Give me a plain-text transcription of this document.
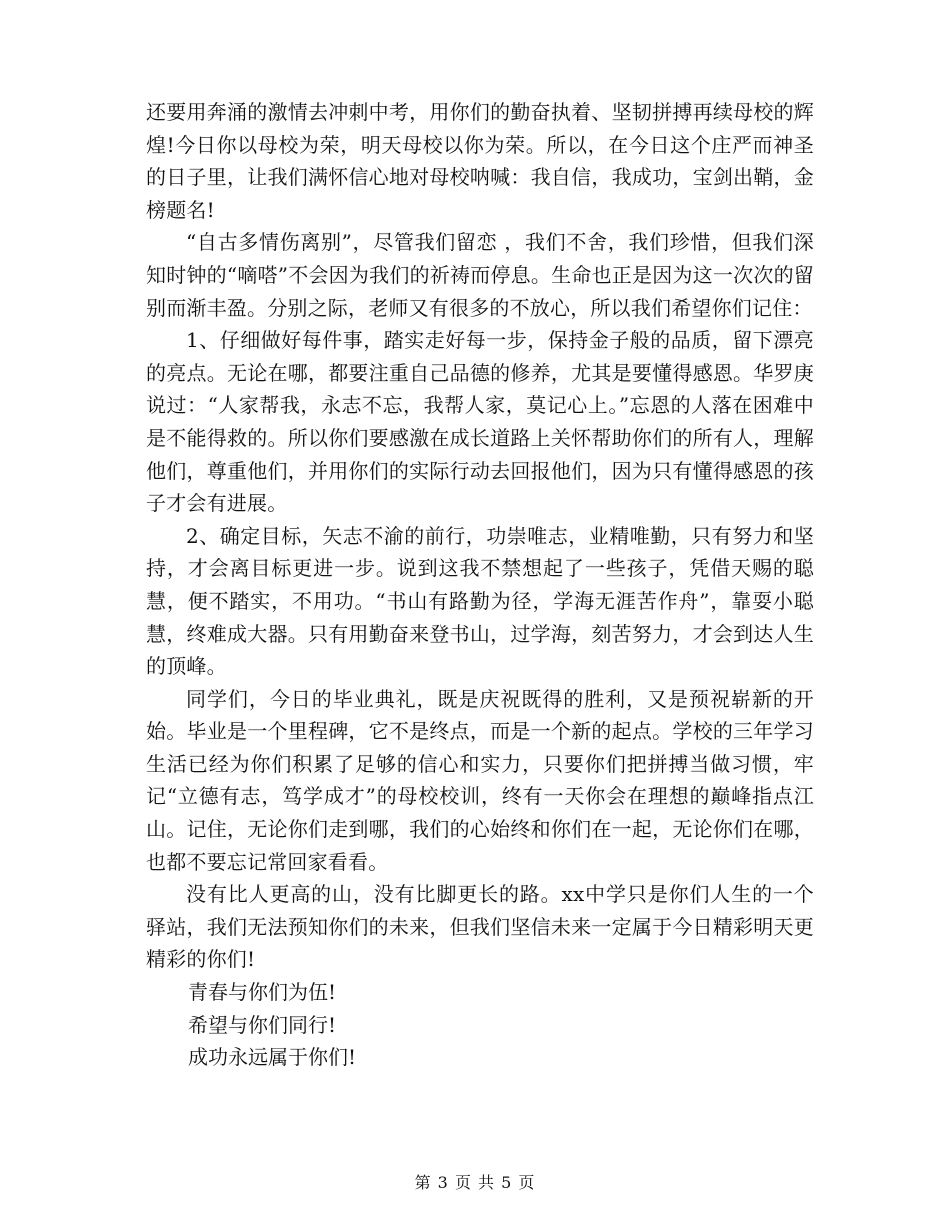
还要用奔涌的激情去冲刺中考，用你们的勤奋执着、坚韧拼搏再续母校的辉煌!今日你以母校为荣，明天母校以你为荣。所以，在今日这个庄严而神圣的日子里，让我们满怀信心地对母校呐喊：我自信，我成功，宝剑出鞘，金榜题名!

“自古多情伤离别”，尽管我们留恋 ，我们不舍，我们珍惜，但我们深知时钟的“嘀嗒”不会因为我们的祈祷而停息。生命也正是因为这一次次的留别而渐丰盈。分别之际，老师又有很多的不放心，所以我们希望你们记住：

1、仔细做好每件事，踏实走好每一步，保持金子般的品质，留下漂亮的亮点。无论在哪，都要注重自己品德的修养，尤其是要懂得感恩。华罗庚说过：“人家帮我，永志不忘，我帮人家，莫记心上。”忘恩的人落在困难中是不能得救的。所以你们要感激在成长道路上关怀帮助你们的所有人，理解他们，尊重他们，并用你们的实际行动去回报他们，因为只有懂得感恩的孩子才会有进展。

2、确定目标，矢志不渝的前行，功崇唯志，业精唯勤，只有努力和坚持，才会离目标更进一步。说到这我不禁想起了一些孩子，凭借天赐的聪慧，便不踏实，不用功。“书山有路勤为径，学海无涯苦作舟”，靠耍小聪慧，终难成大器。只有用勤奋来登书山，过学海，刻苦努力，才会到达人生的顶峰。

同学们，今日的毕业典礼，既是庆祝既得的胜利，又是预祝崭新的开始。毕业是一个里程碑，它不是终点，而是一个新的起点。学校的三年学习生活已经为你们积累了足够的信心和实力，只要你们把拼搏当做习惯，牢记“立德有志，笃学成才”的母校校训，终有一天你会在理想的巅峰指点江山。记住，无论你们走到哪，我们的心始终和你们在一起，无论你们在哪，也都不要忘记常回家看看。

没有比人更高的山，没有比脚更长的路。xx中学只是你们人生的一个驿站，我们无法预知你们的未来，但我们坚信未来一定属于今日精彩明天更精彩的你们!

青春与你们为伍!

希望与你们同行!

成功永远属于你们!

第 3 页 共 5 页
